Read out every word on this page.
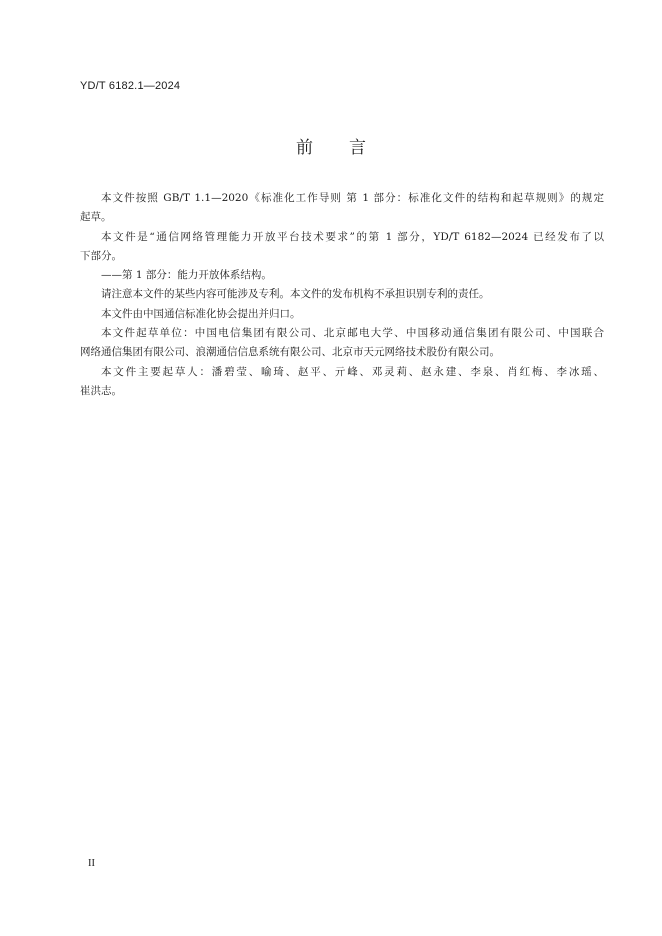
YD/T 6182.1—2024
前言
本文件按照 GB/T 1.1—2020《标准化工作导则 第 1 部分：标准化文件的结构和起草规则》的规定
起草。
本文件是“通信网络管理能力开放平台技术要求”的第 1 部分，YD/T 6182—2024 已经发布了以
下部分。
——第 1 部分：能力开放体系结构。
请注意本文件的某些内容可能涉及专利。本文件的发布机构不承担识别专利的责任。
本文件由中国通信标准化协会提出并归口。
本文件起草单位：中国电信集团有限公司、北京邮电大学、中国移动通信集团有限公司、中国联合
网络通信集团有限公司、浪潮通信信息系统有限公司、北京市天元网络技术股份有限公司。
本文件主要起草人：潘碧莹、喻琦、赵平、亓峰、邓灵莉、赵永建、李泉、肖红梅、李冰瑶、
崔洪志。
II
